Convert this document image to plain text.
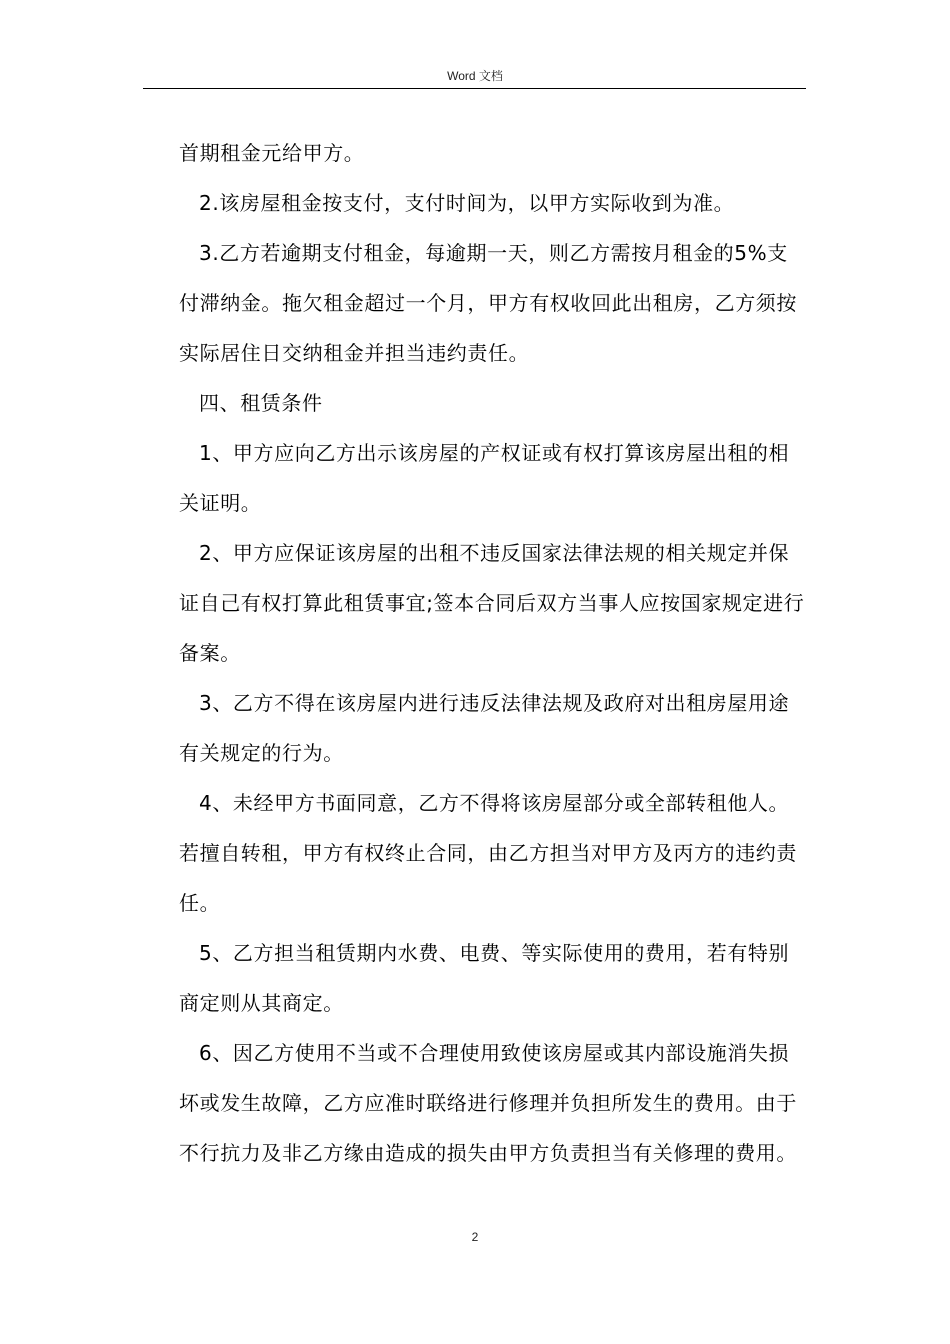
Word 文档

首期租金元给甲方。

2.该房屋租金按支付，支付时间为，以甲方实际收到为准。

3.乙方若逾期支付租金，每逾期一天，则乙方需按月租金的5%支付滞纳金。拖欠租金超过一个月，甲方有权收回此出租房，乙方须按实际居住日交纳租金并担当违约责任。

四、租赁条件

1、甲方应向乙方出示该房屋的产权证或有权打算该房屋出租的相关证明。

2、甲方应保证该房屋的出租不违反国家法律法规的相关规定并保证自己有权打算此租赁事宜;签本合同后双方当事人应按国家规定进行备案。

3、乙方不得在该房屋内进行违反法律法规及政府对出租房屋用途有关规定的行为。

4、未经甲方书面同意，乙方不得将该房屋部分或全部转租他人。若擅自转租，甲方有权终止合同，由乙方担当对甲方及丙方的违约责任。

5、乙方担当租赁期内水费、电费、等实际使用的费用，若有特别商定则从其商定。

6、因乙方使用不当或不合理使用致使该房屋或其内部设施消失损坏或发生故障，乙方应准时联络进行修理并负担所发生的费用。由于不行抗力及非乙方缘由造成的损失由甲方负责担当有关修理的费用。

2
